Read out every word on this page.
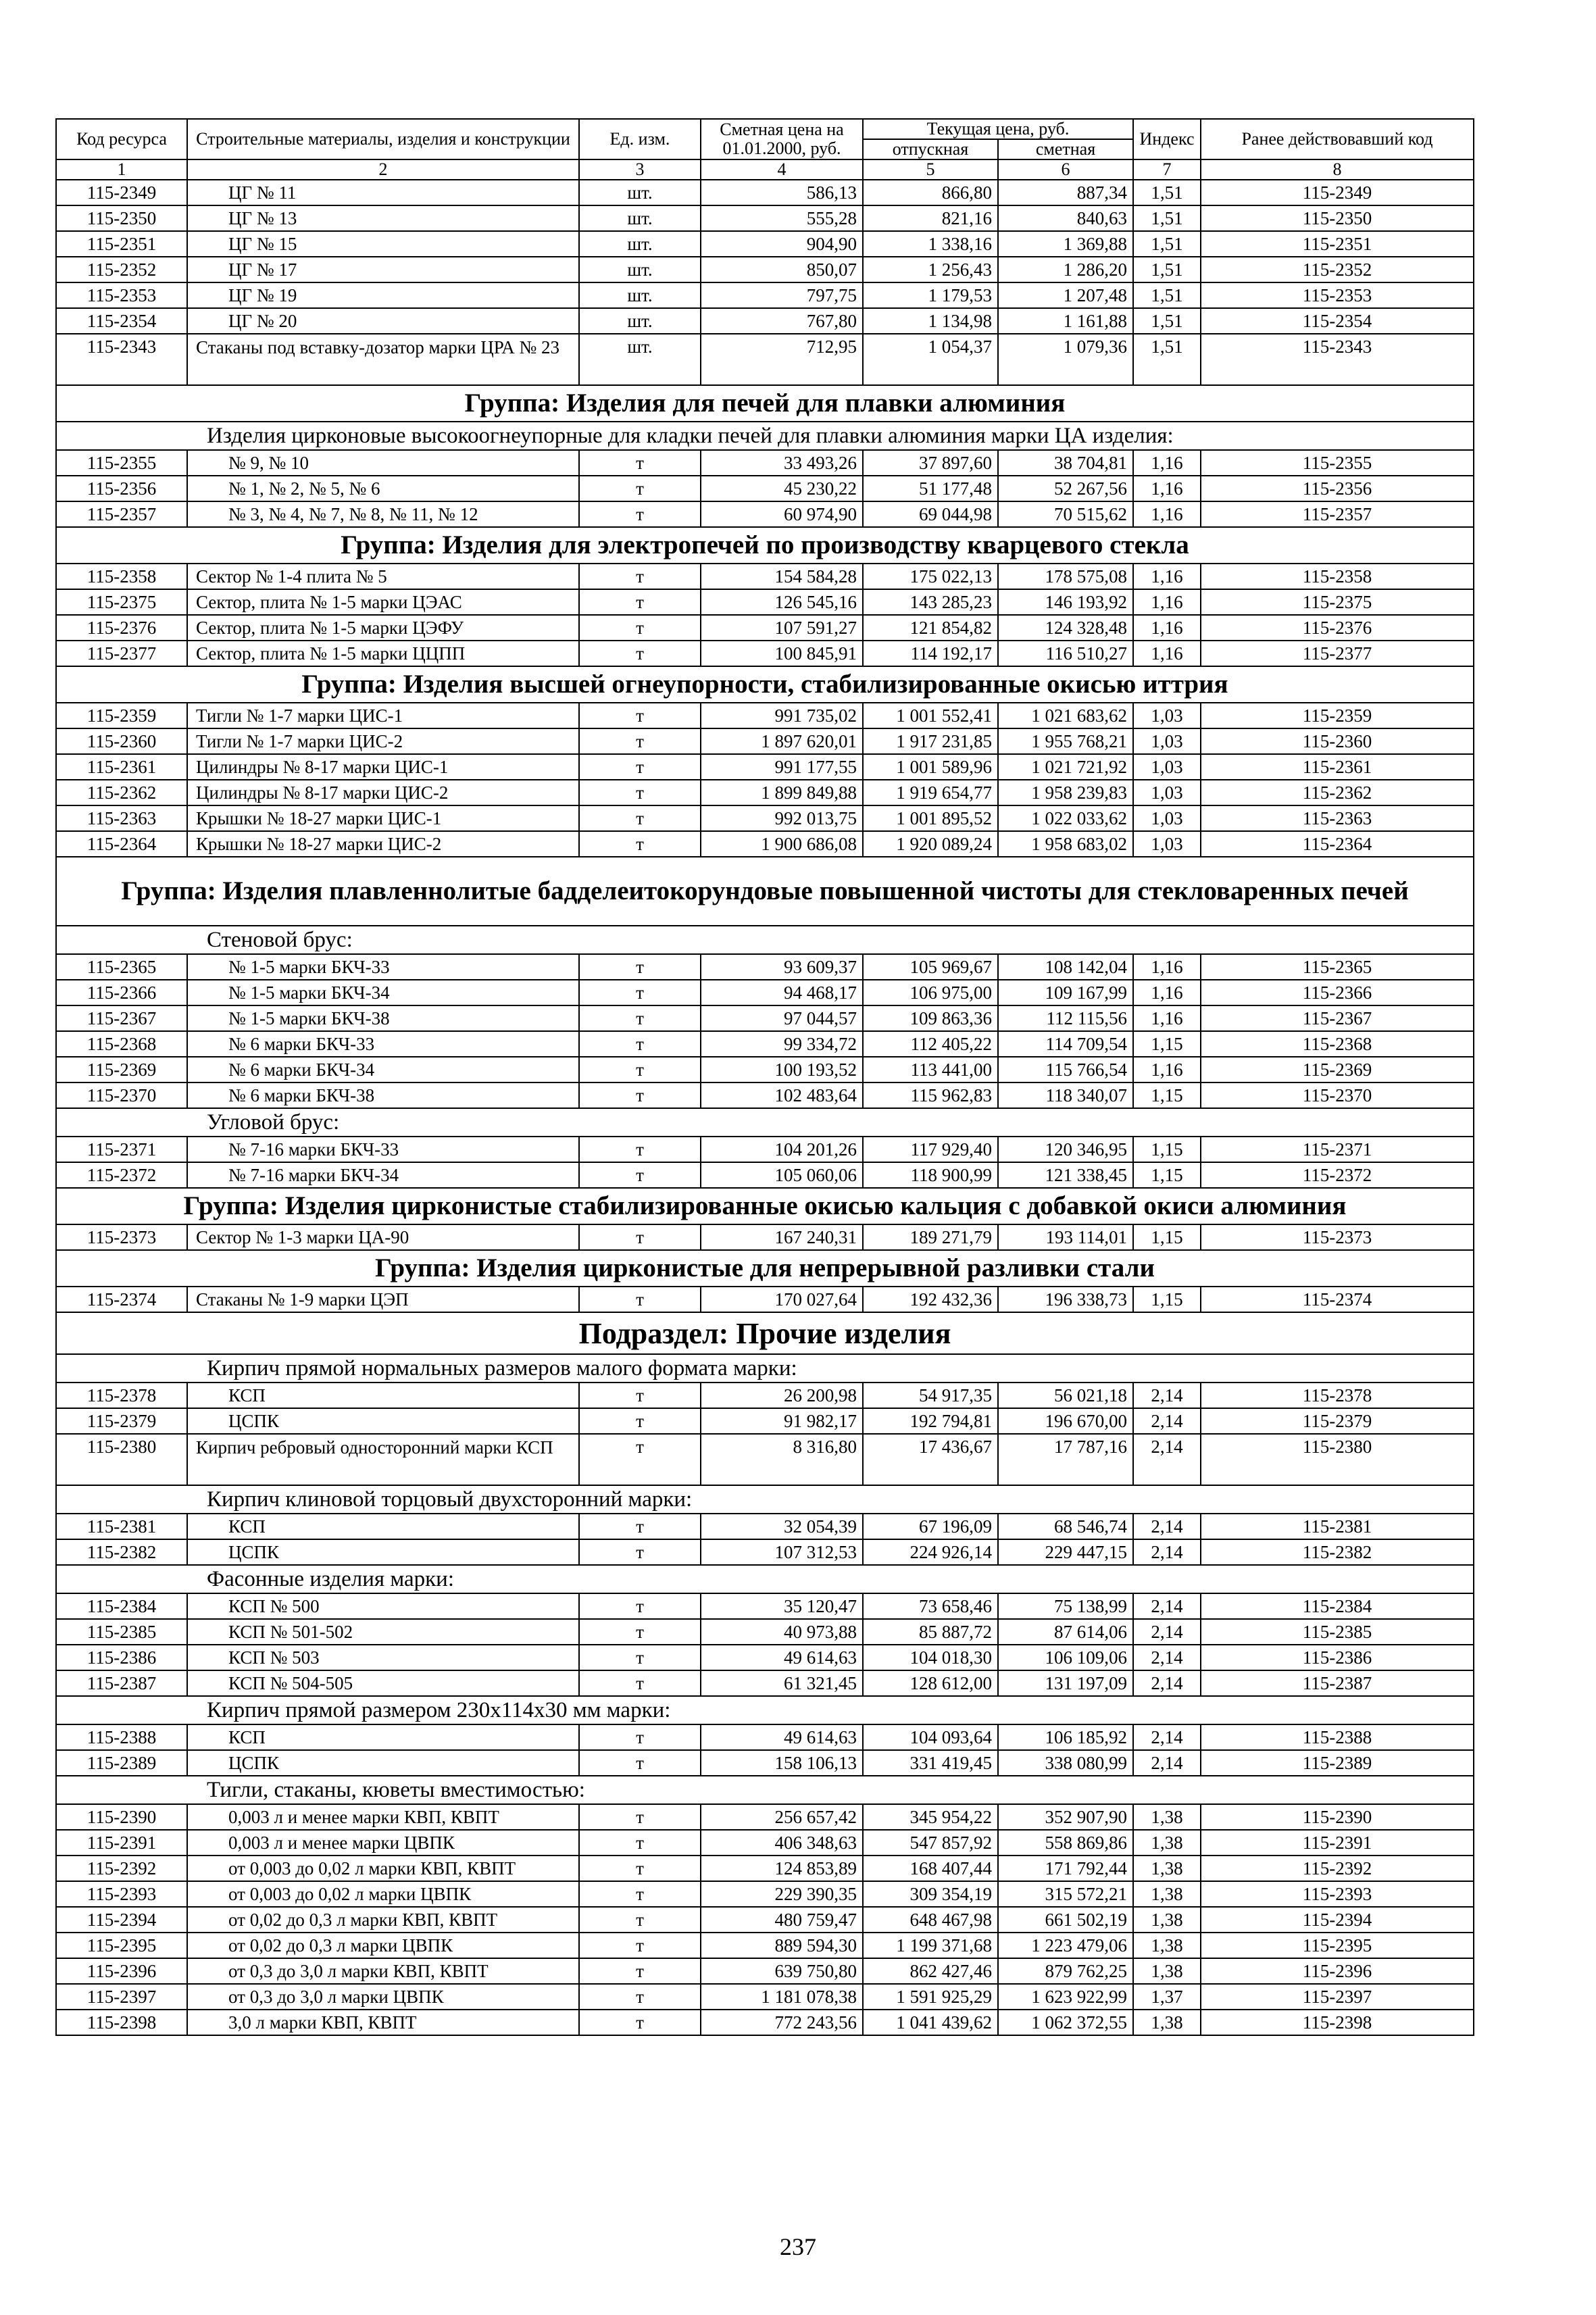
Код ресурса	Строительные материалы, изделия и конструкции	Ед. изм.	Сметная цена на 01.01.2000, руб.	Текущая цена, руб.		Индекс	Ранее действовавший код
				отпускная	сметная		
1	2	3	4	5	6	7	8
115-2349	ЦГ № 11	шт.	586,13	866,80	887,34	1,51	115-2349
115-2350	ЦГ № 13	шт.	555,28	821,16	840,63	1,51	115-2350
115-2351	ЦГ № 15	шт.	904,90	1 338,16	1 369,88	1,51	115-2351
115-2352	ЦГ № 17	шт.	850,07	1 256,43	1 286,20	1,51	115-2352
115-2353	ЦГ № 19	шт.	797,75	1 179,53	1 207,48	1,51	115-2353
115-2354	ЦГ № 20	шт.	767,80	1 134,98	1 161,88	1,51	115-2354
115-2343	Стаканы под вставку-дозатор марки ЦРА № 23	шт.	712,95	1 054,37	1 079,36	1,51	115-2343
Группа: Изделия для печей для плавки алюминия							
Изделия цирконовые высокоогнеупорные для кладки печей для плавки алюминия марки ЦА изделия:							
115-2355	№ 9, № 10	т	33 493,26	37 897,60	38 704,81	1,16	115-2355
115-2356	№ 1, № 2, № 5, № 6	т	45 230,22	51 177,48	52 267,56	1,16	115-2356
115-2357	№ 3, № 4, № 7, № 8, № 11, № 12	т	60 974,90	69 044,98	70 515,62	1,16	115-2357
Группа: Изделия для электропечей по производству кварцевого стекла							
115-2358	Сектор № 1-4 плита № 5	т	154 584,28	175 022,13	178 575,08	1,16	115-2358
115-2375	Сектор, плита № 1-5 марки ЦЭАС	т	126 545,16	143 285,23	146 193,92	1,16	115-2375
115-2376	Сектор, плита № 1-5 марки ЦЭФУ	т	107 591,27	121 854,82	124 328,48	1,16	115-2376
115-2377	Сектор, плита № 1-5 марки ЦЦПП	т	100 845,91	114 192,17	116 510,27	1,16	115-2377
Группа: Изделия высшей огнеупорности, стабилизированные окисью иттрия							
115-2359	Тигли № 1-7 марки ЦИС-1	т	991 735,02	1 001 552,41	1 021 683,62	1,03	115-2359
115-2360	Тигли № 1-7 марки ЦИС-2	т	1 897 620,01	1 917 231,85	1 955 768,21	1,03	115-2360
115-2361	Цилиндры № 8-17 марки ЦИС-1	т	991 177,55	1 001 589,96	1 021 721,92	1,03	115-2361
115-2362	Цилиндры № 8-17 марки ЦИС-2	т	1 899 849,88	1 919 654,77	1 958 239,83	1,03	115-2362
115-2363	Крышки № 18-27 марки ЦИС-1	т	992 013,75	1 001 895,52	1 022 033,62	1,03	115-2363
115-2364	Крышки № 18-27 марки ЦИС-2	т	1 900 686,08	1 920 089,24	1 958 683,02	1,03	115-2364
Группа: Изделия плавленнолитые бадделеитокорундовые повышенной чистоты для стекловаренных печей							
Стеновой брус:							
115-2365	№ 1-5 марки БКЧ-33	т	93 609,37	105 969,67	108 142,04	1,16	115-2365
115-2366	№ 1-5 марки БКЧ-34	т	94 468,17	106 975,00	109 167,99	1,16	115-2366
115-2367	№ 1-5 марки БКЧ-38	т	97 044,57	109 863,36	112 115,56	1,16	115-2367
115-2368	№ 6 марки БКЧ-33	т	99 334,72	112 405,22	114 709,54	1,15	115-2368
115-2369	№ 6 марки БКЧ-34	т	100 193,52	113 441,00	115 766,54	1,16	115-2369
115-2370	№ 6 марки БКЧ-38	т	102 483,64	115 962,83	118 340,07	1,15	115-2370
Угловой брус:							
115-2371	№ 7-16 марки БКЧ-33	т	104 201,26	117 929,40	120 346,95	1,15	115-2371
115-2372	№ 7-16 марки БКЧ-34	т	105 060,06	118 900,99	121 338,45	1,15	115-2372
Группа: Изделия цирконистые стабилизированные окисью кальция с добавкой окиси алюминия							
115-2373	Сектор № 1-3 марки ЦА-90	т	167 240,31	189 271,79	193 114,01	1,15	115-2373
Группа: Изделия цирконистые для непрерывной разливки стали							
115-2374	Стаканы № 1-9 марки ЦЭП	т	170 027,64	192 432,36	196 338,73	1,15	115-2374
Подраздел: Прочие изделия							
Кирпич прямой нормальных размеров малого формата марки:							
115-2378	КСП	т	26 200,98	54 917,35	56 021,18	2,14	115-2378
115-2379	ЦСПК	т	91 982,17	192 794,81	196 670,00	2,14	115-2379
115-2380	Кирпич ребровый односторонний марки КСП	т	8 316,80	17 436,67	17 787,16	2,14	115-2380
Кирпич клиновой торцовый двухсторонний марки:							
115-2381	КСП	т	32 054,39	67 196,09	68 546,74	2,14	115-2381
115-2382	ЦСПК	т	107 312,53	224 926,14	229 447,15	2,14	115-2382
Фасонные изделия марки:							
115-2384	КСП № 500	т	35 120,47	73 658,46	75 138,99	2,14	115-2384
115-2385	КСП № 501-502	т	40 973,88	85 887,72	87 614,06	2,14	115-2385
115-2386	КСП № 503	т	49 614,63	104 018,30	106 109,06	2,14	115-2386
115-2387	КСП № 504-505	т	61 321,45	128 612,00	131 197,09	2,14	115-2387
Кирпич прямой размером 230х114х30 мм марки:							
115-2388	КСП	т	49 614,63	104 093,64	106 185,92	2,14	115-2388
115-2389	ЦСПК	т	158 106,13	331 419,45	338 080,99	2,14	115-2389
Тигли, стаканы, кюветы вместимостью:							
115-2390	0,003 л и менее марки КВП, КВПТ	т	256 657,42	345 954,22	352 907,90	1,38	115-2390
115-2391	0,003 л и менее марки ЦВПК	т	406 348,63	547 857,92	558 869,86	1,38	115-2391
115-2392	от 0,003 до 0,02 л марки КВП, КВПТ	т	124 853,89	168 407,44	171 792,44	1,38	115-2392
115-2393	от 0,003 до 0,02 л марки ЦВПК	т	229 390,35	309 354,19	315 572,21	1,38	115-2393
115-2394	от 0,02 до 0,3 л марки КВП, КВПТ	т	480 759,47	648 467,98	661 502,19	1,38	115-2394
115-2395	от 0,02 до 0,3 л марки ЦВПК	т	889 594,30	1 199 371,68	1 223 479,06	1,38	115-2395
115-2396	от 0,3 до 3,0 л марки КВП, КВПТ	т	639 750,80	862 427,46	879 762,25	1,38	115-2396
115-2397	от 0,3 до 3,0 л марки ЦВПК	т	1 181 078,38	1 591 925,29	1 623 922,99	1,37	115-2397
115-2398	3,0 л марки КВП, КВПТ	т	772 243,56	1 041 439,62	1 062 372,55	1,38	115-2398
237
